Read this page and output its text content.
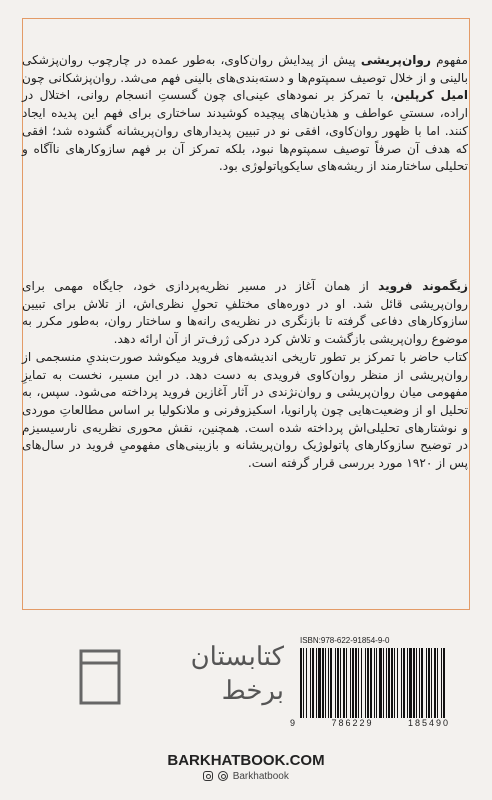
مفهوم روان‌پریشی پیش از پیدایش روان‌کاوی، به‌طور عمده در چارچوب روان‌پزشکی بالینی و از خلال توصیف سمپتوم‌ها و دسته‌بندی‌های بالینی فهم می‌شد. روان‌پزشکانی چون امیل کرپلین، با تمرکز بر نمودهای عینی‌ای چون گسستِ انسجام روانی، اختلال در اراده، سستیِ عواطف و هذیان‌های پیچیده کوشیدند ساختاری برای فهم این پدیده ایجاد کنند. اما با ظهور روان‌کاوی، افقی نو در تبیین پدیدارهای روان‌پریشانه گشوده شد؛ افقی که هدف آن صرفاً توصیف سمپتوم‌ها نبود، بلکه تمرکز آن بر فهم سازوکارهای ناآگاه و تحلیلی ساختارمند از ریشه‌های سایکوپاتولوژی بود.

زیگموند فروید از همان آغاز در مسیر نظریه‌پردازی خود، جایگاه مهمی برای روان‌پریشی قائل شد. او در دوره‌های مختلفِ تحولِ نظری‌اش، از تلاش برای تبیین سازوکارهای دفاعی گرفته تا بازنگری در نظریه‌ی رانه‌ها و ساختار روان، به‌طور مکرر به موضوع روان‌پریشی بازگشت و تلاش کرد درکی ژرف‌تر از آن ارائه دهد.

کتاب حاضر با تمرکز بر تطور تاریخی اندیشه‌های فروید میکوشد صورت‌بندیِ منسجمی از روان‌پریشی از منظر روان‌کاوی فرویدی به دست دهد. در این مسیر، نخست به تمایزِ مفهومی میان روان‌پریشی و روان‌نژندی در آثار آغازین فروید پرداخته می‌شود. سپس، به تحلیل او از وضعیت‌هایی چون پارانویا، اسکیزوفرنی و ملانکولیا بر اساس مطالعاتِ موردی و نوشتارهای تحلیلی‌اش پرداخته شده است. همچنین، نقش محوری نظریه‌ی نارسیسیزم در توضیح سازوکارهای پاتولوژیک روان‌پریشانه و بازبینی‌های مفهومیِ فروید در سال‌های پس از ۱۹۲۰ مورد بررسی قرار گرفته است.

کتابستان
برخط
ISBN:978-622-91854-9-0
9	786229	185490
BARKHATBOOK.COM
Barkhatbook
